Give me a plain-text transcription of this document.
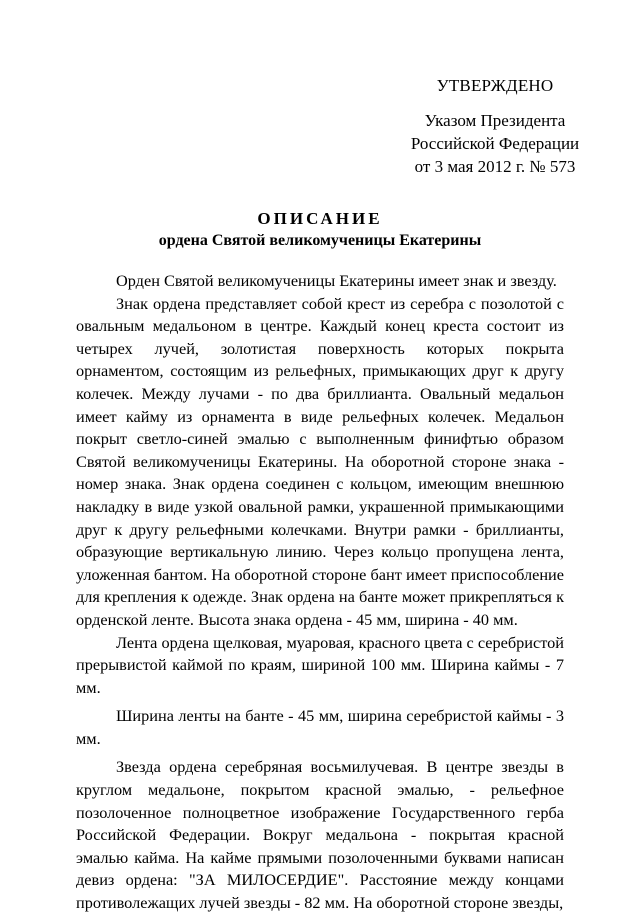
УТВЕРЖДЕНО
Указом Президента
Российской Федерации
от 3 мая 2012 г. № 573
ОПИСАНИЕ
ордена Святой великомученицы Екатерины

Орден Святой великомученицы Екатерины имеет знак и звезду.

Знак ордена представляет собой крест из серебра с позолотой с овальным медальоном в центре. Каждый конец креста состоит из четырех лучей, золотистая поверхность которых покрыта орнаментом, состоящим из рельефных, примыкающих друг к другу колечек. Между лучами - по два бриллианта. Овальный медальон имеет кайму из орнамента в виде рельефных колечек. Медальон покрыт светло-синей эмалью с выполненным финифтью образом Святой великомученицы Екатерины. На оборотной стороне знака - номер знака. Знак ордена соединен с кольцом, имеющим внешнюю накладку в виде узкой овальной рамки, украшенной примыкающими друг к другу рельефными колечками. Внутри рамки - бриллианты, образующие вертикальную линию. Через кольцо пропущена лента, уложенная бантом. На оборотной стороне бант имеет приспособление для крепления к одежде. Знак ордена на банте может прикрепляться к орденской ленте. Высота знака ордена - 45 мм, ширина - 40 мм.

Лента ордена щелковая, муаровая, красного цвета с серебристой прерывистой каймой по краям, шириной 100 мм. Ширина каймы - 7 мм.

Ширина ленты на банте - 45 мм, ширина серебристой каймы - 3 мм.

Звезда ордена серебряная восьмилучевая. В центре звезды в круглом медальоне, покрытом красной эмалью, - рельефное позолоченное полноцветное изображение Государственного герба Российской Федерации. Вокруг медальона - покрытая красной эмалью кайма. На кайме прямыми позолоченными буквами написан девиз ордена: "ЗА МИЛОСЕРДИЕ". Расстояние между концами противолежащих лучей звезды - 82 мм. На оборотной стороне звезды,
